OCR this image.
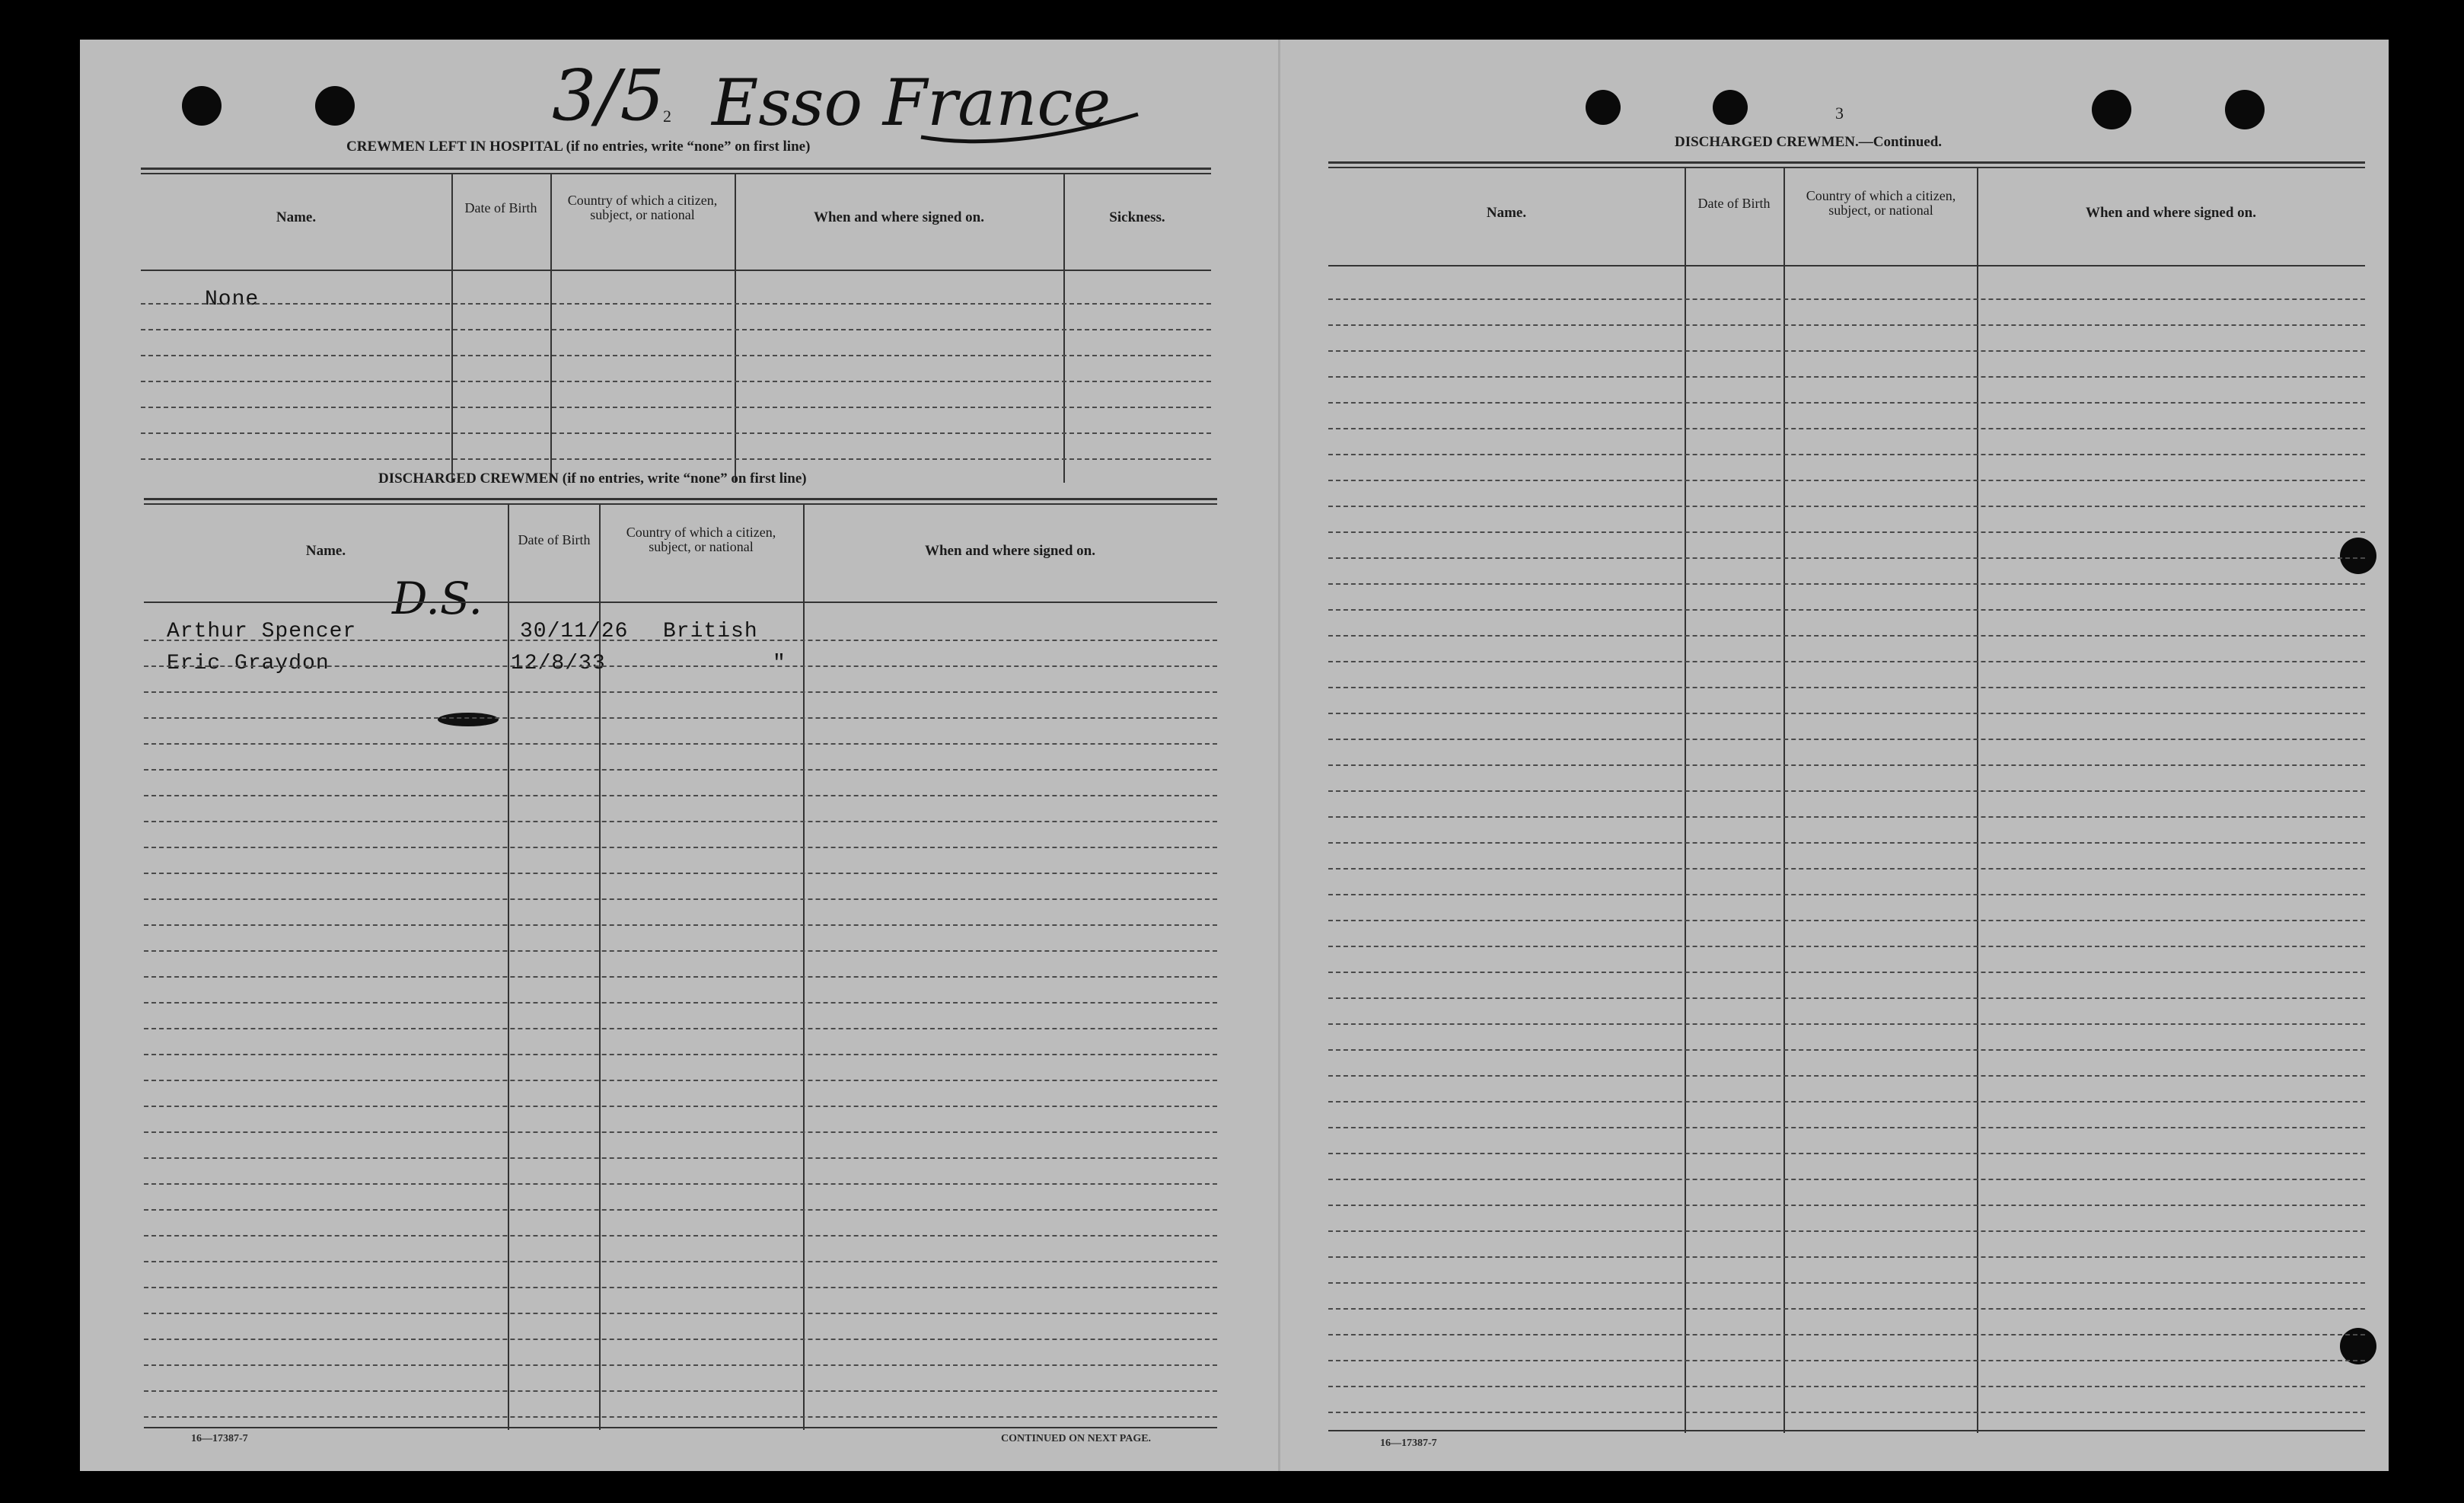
3/5 Esso France
D.S.
2
CREWMEN LEFT IN HOSPITAL (if no entries, write “none” on first line)
Name.
Date of Birth	Country of which a citizen, subject, or national	When and where signed on.	Sickness.
None
DISCHARGED CREWMEN (if no entries, write “none” on first line)
Name.
Date of Birth	Country of which a citizen, subject, or national	When and where signed on.
Arthur Spencer	30/11/26 British
Eric Graydon	12/8/33	"
16—17387-7	CONTINUED ON NEXT PAGE.
3
DISCHARGED CREWMEN.—Continued.
Name.
Date of Birth	Country of which a citizen, subject, or national	When and where signed on.
16—17387-7
